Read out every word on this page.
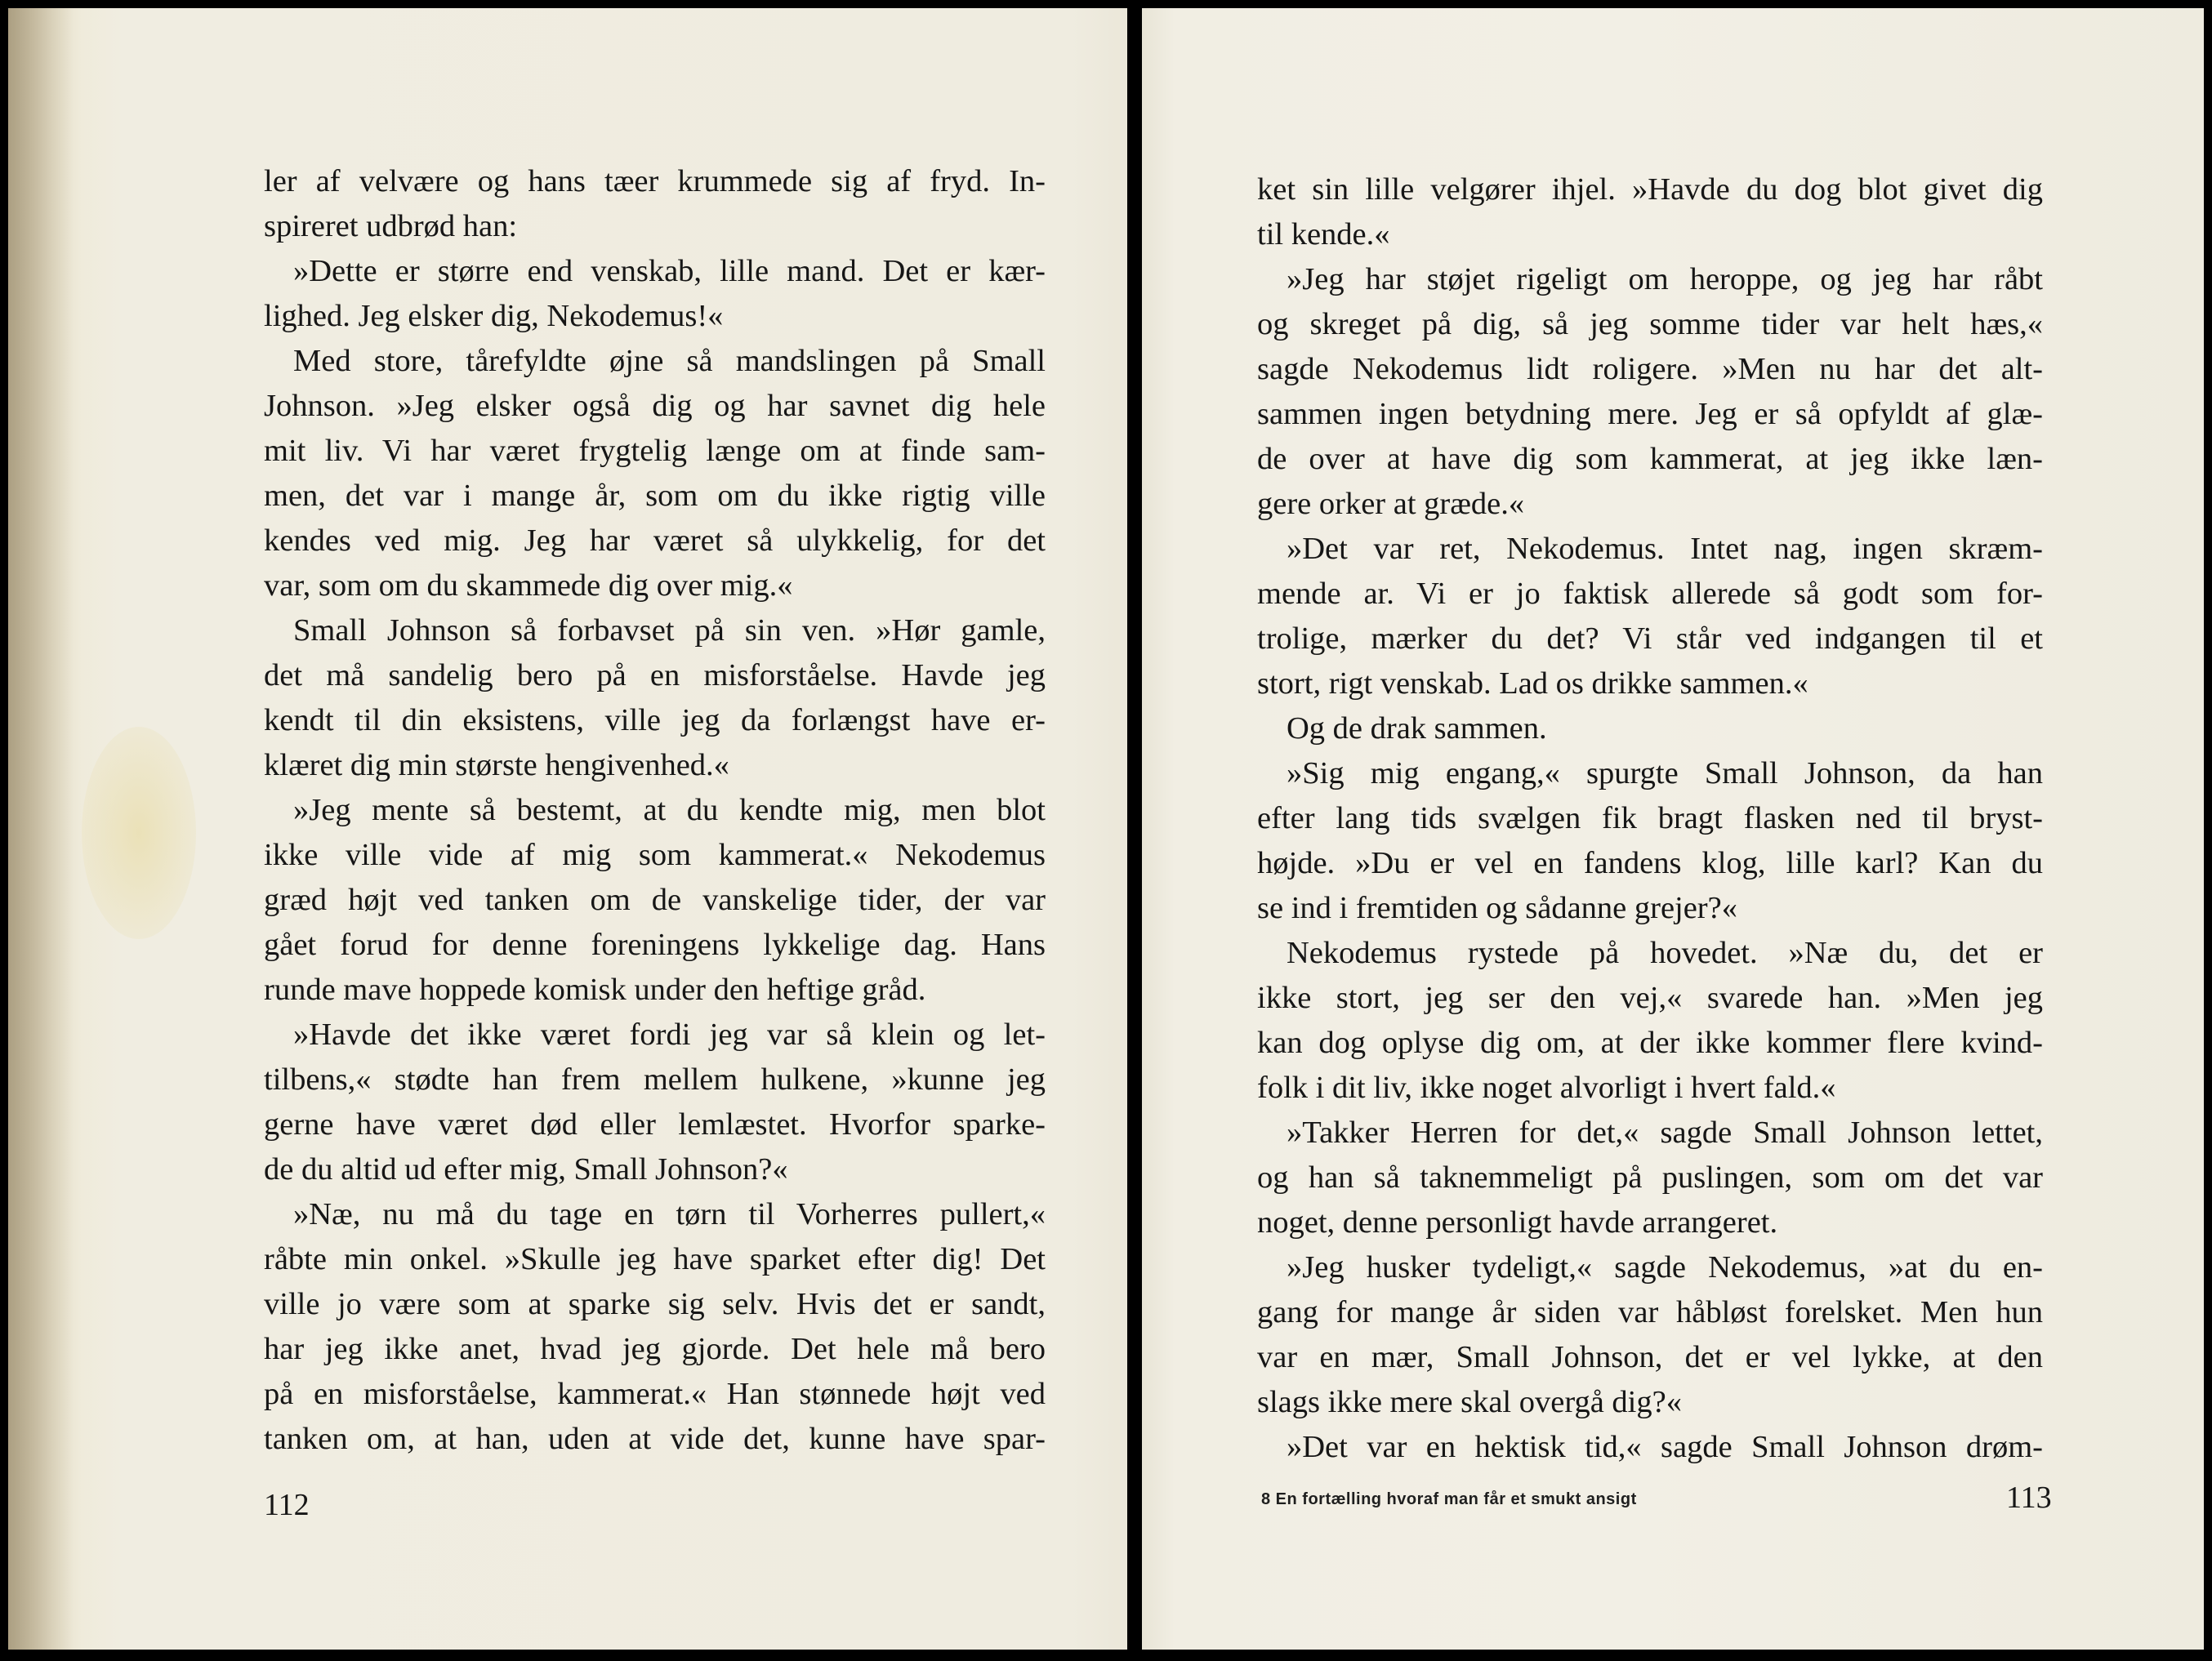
ler af velvære og hans tæer krummede sig af fryd. In-
spireret udbrød han:
»Dette er større end venskab, lille mand. Det er kær-
lighed. Jeg elsker dig, Nekodemus!«
Med store, tårefyldte øjne så mandslingen på Small
Johnson. »Jeg elsker også dig og har savnet dig hele
mit liv. Vi har været frygtelig længe om at finde sam-
men, det var i mange år, som om du ikke rigtig ville
kendes ved mig. Jeg har været så ulykkelig, for det
var, som om du skammede dig over mig.«
Small Johnson så forbavset på sin ven. »Hør gamle,
det må sandelig bero på en misforståelse. Havde jeg
kendt til din eksistens, ville jeg da forlængst have er-
klæret dig min største hengivenhed.«
»Jeg mente så bestemt, at du kendte mig, men blot
ikke ville vide af mig som kammerat.« Nekodemus
græd højt ved tanken om de vanskelige tider, der var
gået forud for denne foreningens lykkelige dag. Hans
runde mave hoppede komisk under den heftige gråd.
»Havde det ikke været fordi jeg var så klein og let-
tilbens,« stødte han frem mellem hulkene, »kunne jeg
gerne have været død eller lemlæstet. Hvorfor sparke-
de du altid ud efter mig, Small Johnson?«
»Næ, nu må du tage en tørn til Vorherres pullert,«
råbte min onkel. »Skulle jeg have sparket efter dig! Det
ville jo være som at sparke sig selv. Hvis det er sandt,
har jeg ikke anet, hvad jeg gjorde. Det hele må bero
på en misforståelse, kammerat.« Han stønnede højt ved
tanken om, at han, uden at vide det, kunne have spar-
112
ket sin lille velgører ihjel. »Havde du dog blot givet dig
til kende.«
»Jeg har støjet rigeligt om heroppe, og jeg har råbt
og skreget på dig, så jeg somme tider var helt hæs,«
sagde Nekodemus lidt roligere. »Men nu har det alt-
sammen ingen betydning mere. Jeg er så opfyldt af glæ-
de over at have dig som kammerat, at jeg ikke læn-
gere orker at græde.«
»Det var ret, Nekodemus. Intet nag, ingen skræm-
mende ar. Vi er jo faktisk allerede så godt som for-
trolige, mærker du det? Vi står ved indgangen til et
stort, rigt venskab. Lad os drikke sammen.«
Og de drak sammen.
»Sig mig engang,« spurgte Small Johnson, da han
efter lang tids svælgen fik bragt flasken ned til bryst-
højde. »Du er vel en fandens klog, lille karl? Kan du
se ind i fremtiden og sådanne grejer?«
Nekodemus rystede på hovedet. »Næ du, det er
ikke stort, jeg ser den vej,« svarede han. »Men jeg
kan dog oplyse dig om, at der ikke kommer flere kvind-
folk i dit liv, ikke noget alvorligt i hvert fald.«
»Takker Herren for det,« sagde Small Johnson lettet,
og han så taknemmeligt på puslingen, som om det var
noget, denne personligt havde arrangeret.
»Jeg husker tydeligt,« sagde Nekodemus, »at du en-
gang for mange år siden var håbløst forelsket. Men hun
var en mær, Small Johnson, det er vel lykke, at den
slags ikke mere skal overgå dig?«
»Det var en hektisk tid,« sagde Small Johnson drøm-
8 En fortælling hvoraf man får et smukt ansigt	113
